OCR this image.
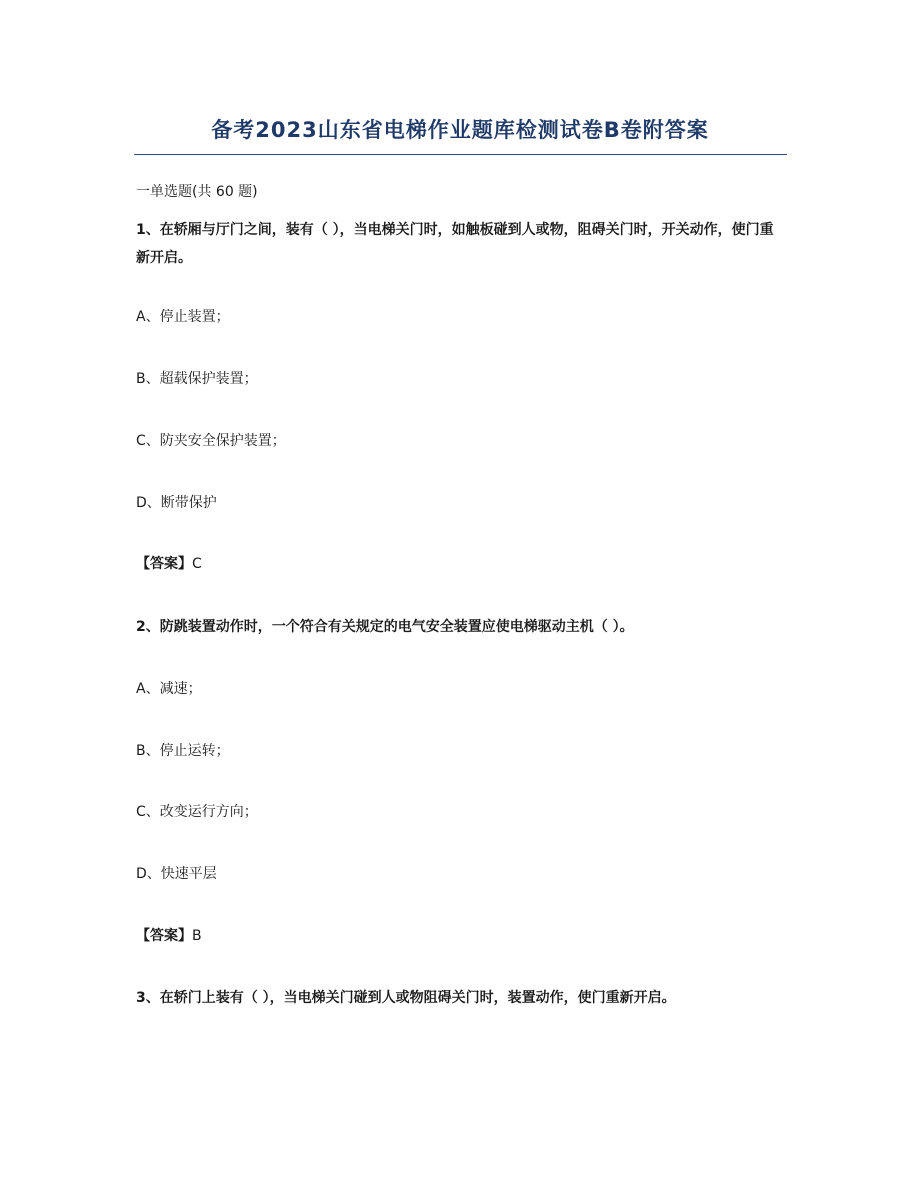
备考2023山东省电梯作业题库检测试卷B卷附答案

一单选题(共 60 题)

1、在轿厢与厅门之间，装有（ ），当电梯关门时，如触板碰到人或物，阻碍关门时，开关动作，使门重新开启。

A、停止装置；

B、超载保护装置；

C、防夹安全保护装置；

D、断带保护

【答案】C

2、防跳装置动作时，一个符合有关规定的电气安全装置应使电梯驱动主机（ ）。

A、减速；

B、停止运转；

C、改变运行方向；

D、快速平层

【答案】B

3、在轿门上装有（ ），当电梯关门碰到人或物阻碍关门时，装置动作，使门重新开启。
